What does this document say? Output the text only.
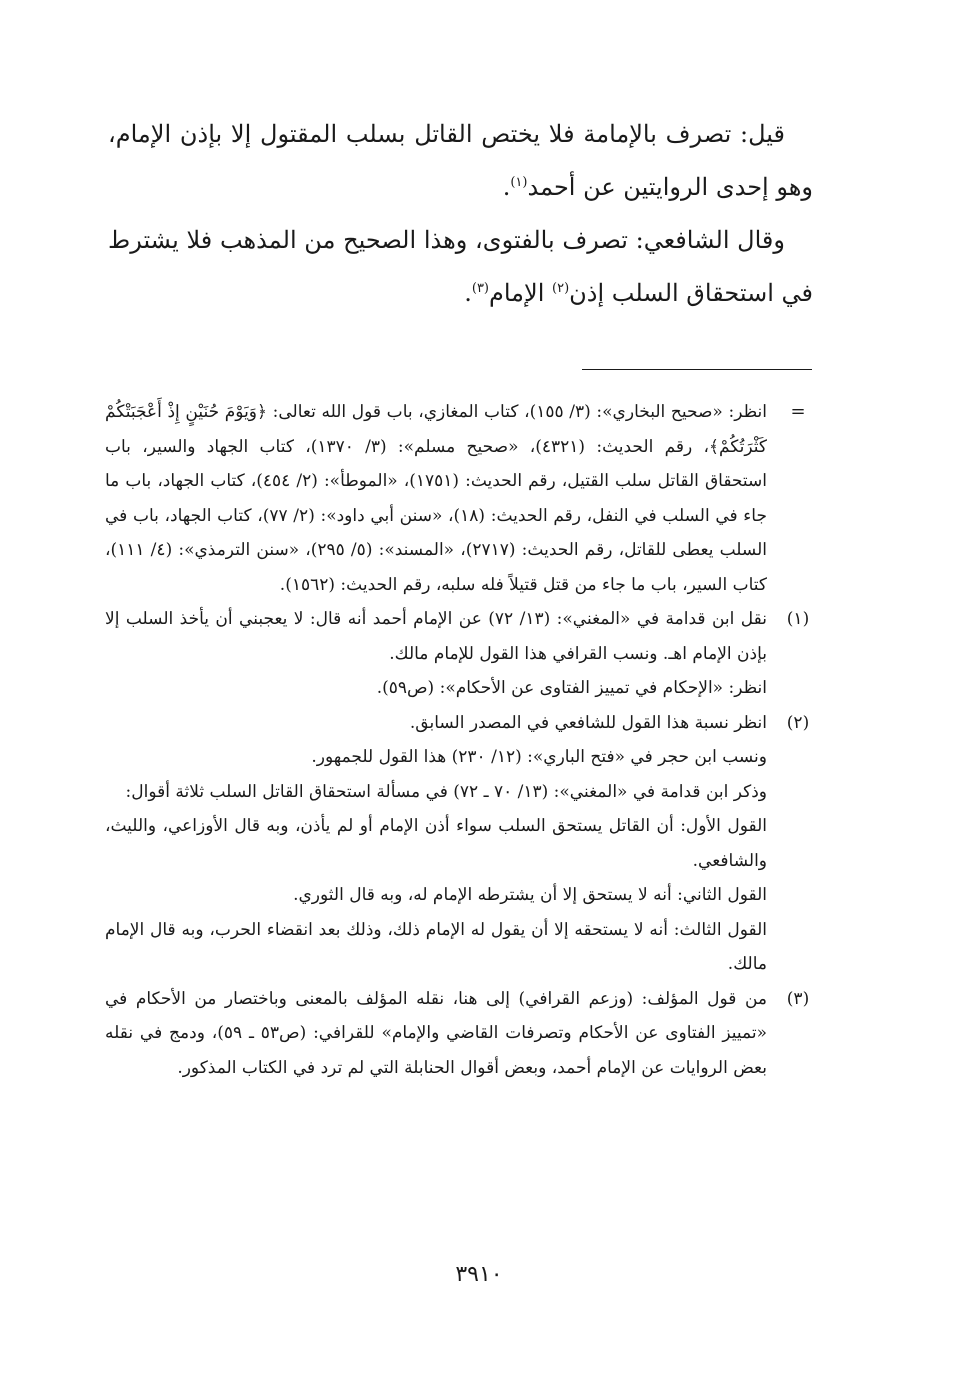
قيل: تصرف بالإمامة فلا يختص القاتل بسلب المقتول إلا بإذن الإمام، وهو إحدى الروايتين عن أحمد$^{(١)}$.

وقال الشافعي: تصرف بالفتوى، وهذا الصحيح من المذهب فلا يشترط في استحقاق السلب إذن$^{(٢)}$ الإمام$^{(٣)}$.

=

انظر: «صحيح البخاري»: (٣/ ١٥٥)، كتاب المغازي، باب قول الله تعالى: ﴿وَيَوْمَ حُنَيْنٍ إِذْ أَعْجَبَتْكُمْ كَثْرَتُكُمْ﴾، رقم الحديث: (٤٣٢١)، «صحيح مسلم»: (٣/ ١٣٧٠)، كتاب الجهاد والسير، باب استحقاق القاتل سلب القتيل، رقم الحديث: (١٧٥١)، «الموطأ»: (٢/ ٤٥٤)، كتاب الجهاد، باب ما جاء في السلب في النفل، رقم الحديث: (١٨)، «سنن أبي داود»: (٢/ ٧٧)، كتاب الجهاد، باب في السلب يعطى للقاتل، رقم الحديث: (٢٧١٧)، «المسند»: (٥/ ٢٩٥)، «سنن الترمذي»: (٤/ ١١١)، كتاب السير، باب ما جاء من قتل قتيلاً فله سلبه، رقم الحديث: (١٥٦٢).

(١)

نقل ابن قدامة في «المغني»: (١٣/ ٧٢) عن الإمام أحمد أنه قال: لا يعجبني أن يأخذ السلب إلا بإذن الإمام اهـ. ونسب القرافي هذا القول للإمام مالك.

انظر: «الإحكام في تمييز الفتاوى عن الأحكام»: (ص٥٩).

(٢)

انظر نسبة هذا القول للشافعي في المصدر السابق.

ونسب ابن حجر في «فتح الباري»: (١٢/ ٢٣٠) هذا القول للجمهور.

وذكر ابن قدامة في «المغني»: (١٣/ ٧٠ ـ ٧٢) في مسألة استحقاق القاتل السلب ثلاثة أقوال:

القول الأول: أن القاتل يستحق السلب سواء أذن الإمام أو لم يأذن، وبه قال الأوزاعي، والليث، والشافعي.

القول الثاني: أنه لا يستحق إلا أن يشترطه الإمام له، وبه قال الثوري.

القول الثالث: أنه لا يستحقه إلا أن يقول له الإمام ذلك، وذلك بعد انقضاء الحرب، وبه قال الإمام مالك.

(٣)

من قول المؤلف: (وزعم القرافي) إلى هنا، نقله المؤلف بالمعنى وباختصار من الأحكام في «تمييز الفتاوى عن الأحكام وتصرفات القاضي والإمام» للقرافي: (ص٥٣ ـ ٥٩)، ودمج في نقله بعض الروايات عن الإمام أحمد، وبعض أقوال الحنابلة التي لم ترد في الكتاب المذكور.

٣٩١٠
